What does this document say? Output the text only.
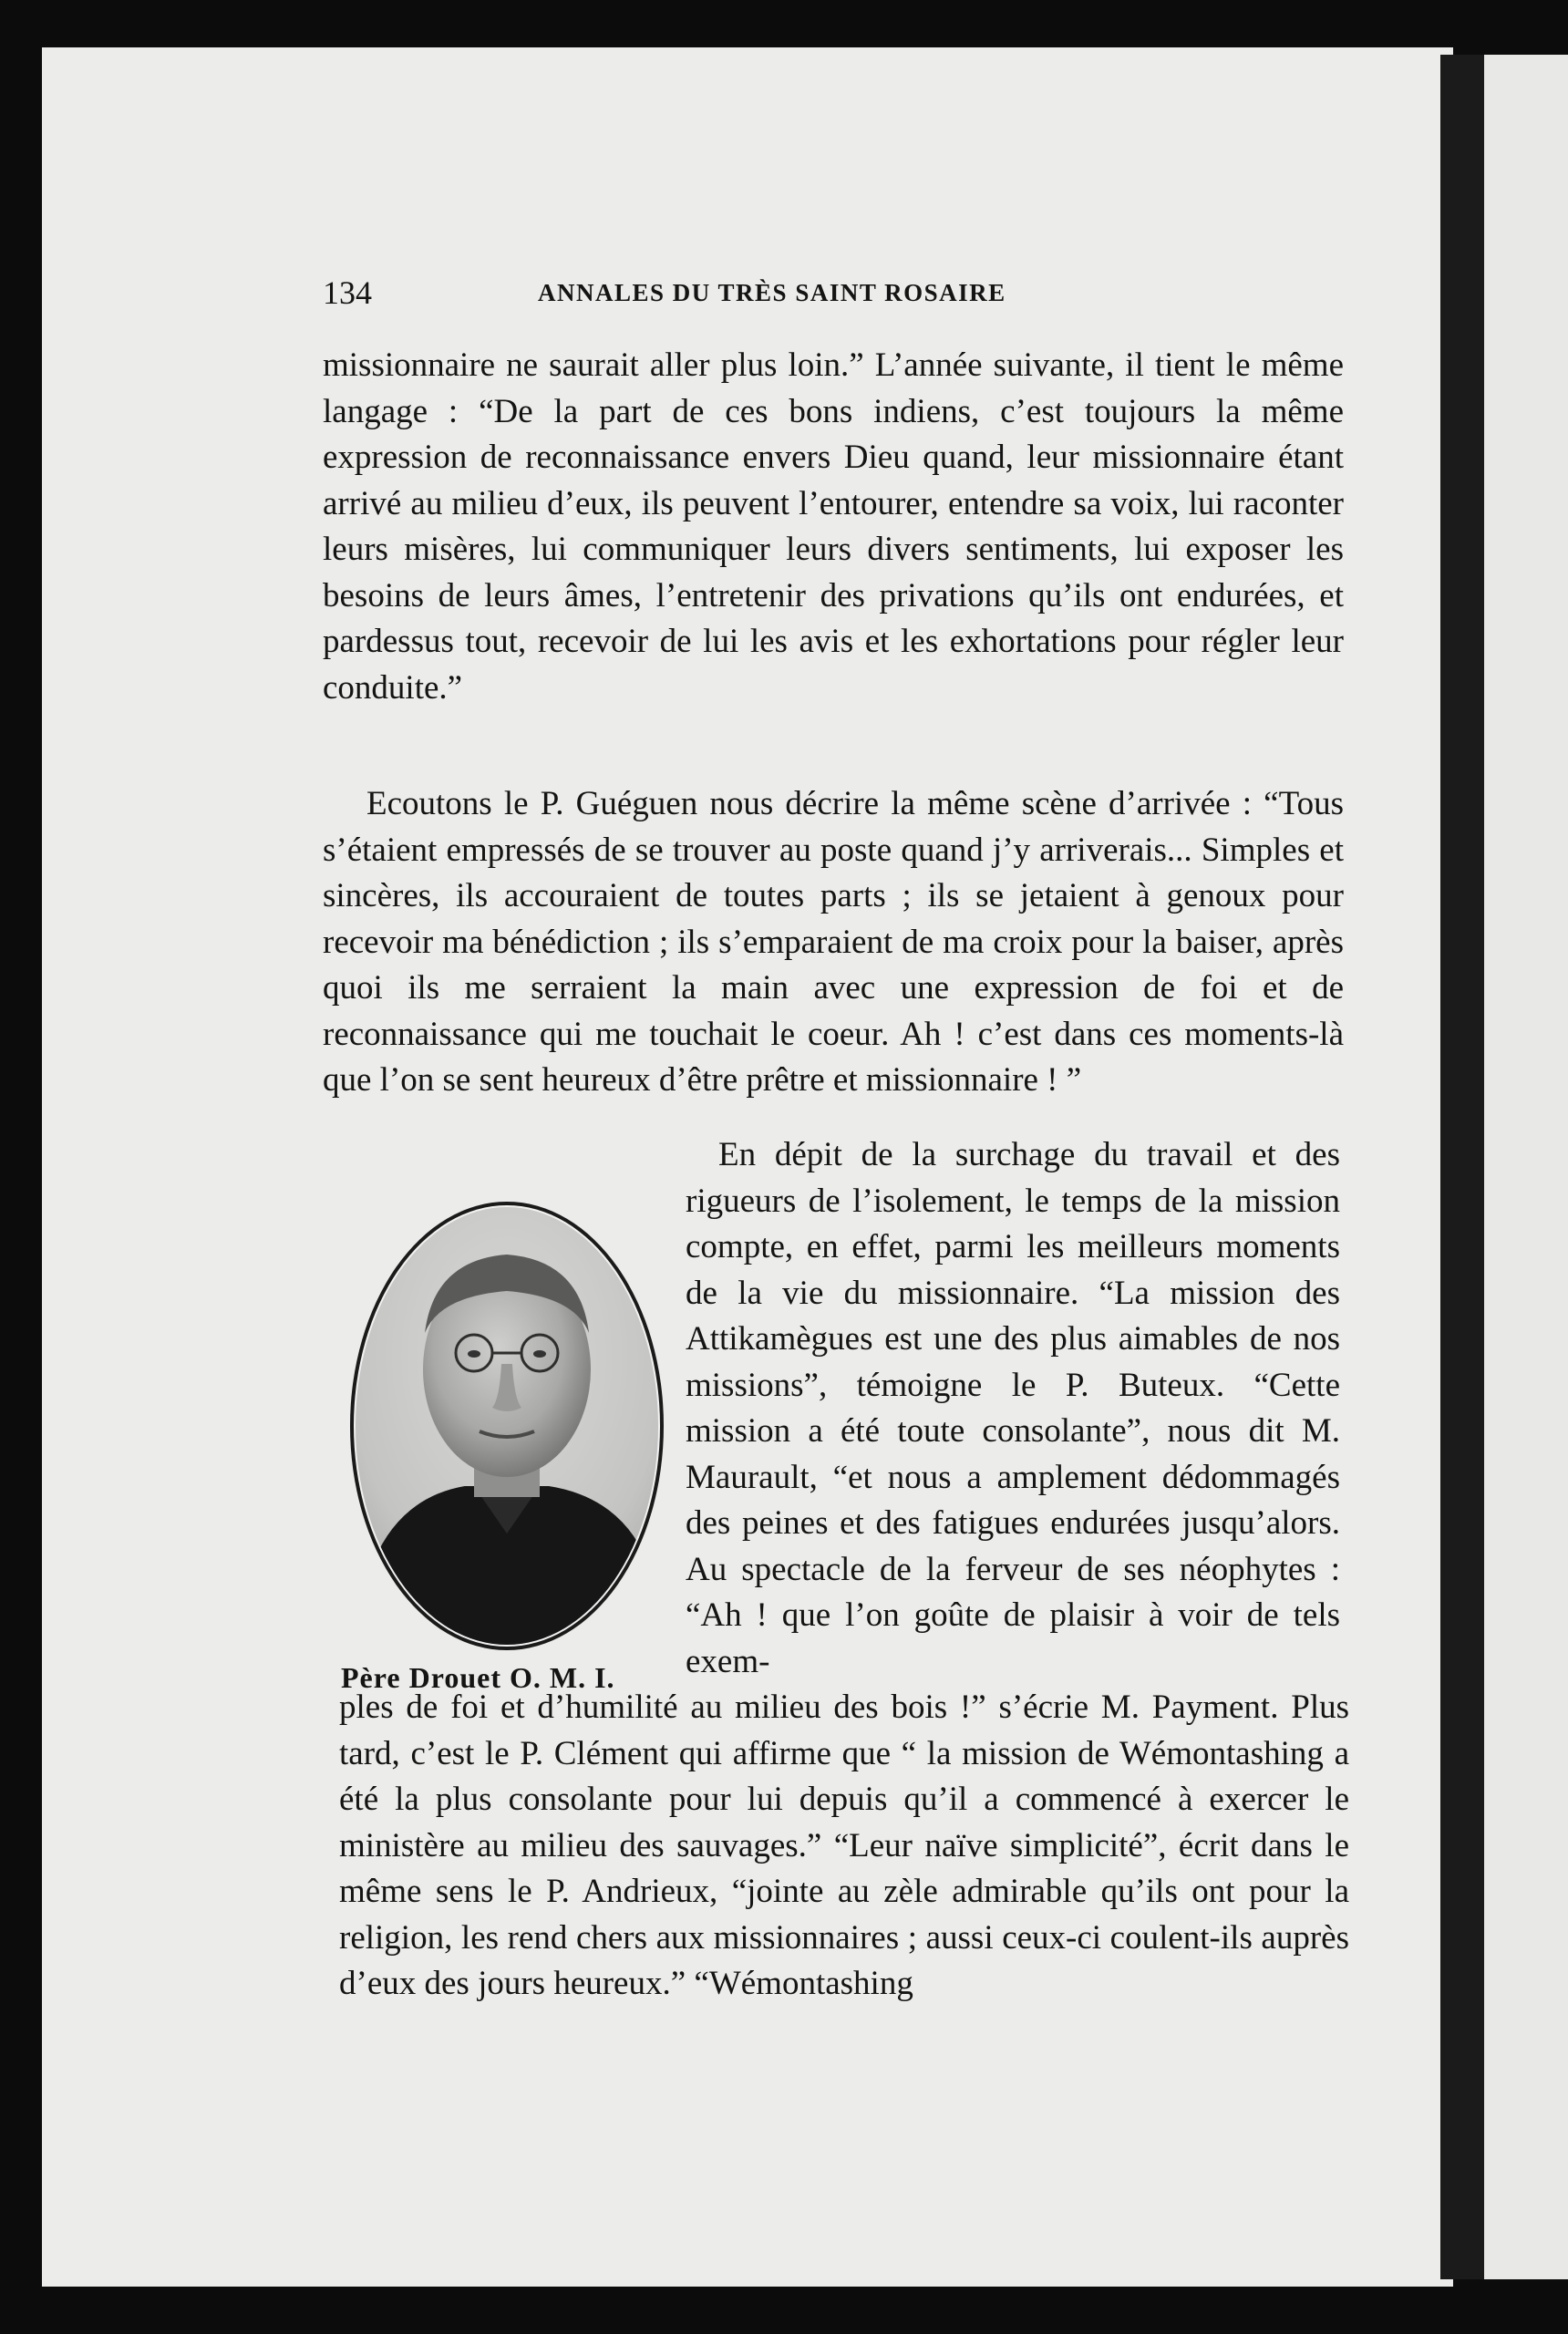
134	ANNALES DU TRÈS SAINT ROSAIRE

missionnaire ne saurait aller plus loin.” L’année suivante, il tient le même langage : “De la part de ces bons indiens, c’est toujours la même expression de reconnaissance envers Dieu quand, leur missionnaire étant arrivé au milieu d’eux, ils peuvent l’entourer, entendre sa voix, lui raconter leurs misères, lui communiquer leurs divers sentiments, lui exposer les besoins de leurs âmes, l’entretenir des privations qu’ils ont endurées, et pardessus tout, recevoir de lui les avis et les exhortations pour régler leur conduite.”

Ecoutons le P. Guéguen nous décrire la même scène d’arrivée : “Tous s’étaient empressés de se trouver au poste quand j’y arriverais... Simples et sincères, ils accouraient de toutes parts ; ils se jetaient à genoux pour recevoir ma bénédiction ; ils s’emparaient de ma croix pour la baiser, après quoi ils me serraient la main avec une expression de foi et de reconnaissance qui me touchait le coeur. Ah ! c’est dans ces moments-là que l’on se sent heureux d’être prêtre et missionnaire ! ”

En dépit de la surchage du travail et des rigueurs de l’isolement, le temps de la mission compte, en effet, parmi les meilleurs moments de la vie du missionnaire. “La mission des Attikamègues est une des plus aimables de nos missions”, témoigne le P. Buteux. “Cette mission a été toute consolante”, nous dit M. Maurault, “et nous a amplement dédommagés des peines et des fatigues endurées jusqu’alors. Au spectacle de la ferveur de ses néophytes : “Ah ! que l’on goûte de plaisir à voir de tels exem-

ples de foi et d’humilité au milieu des bois !” s’écrie M. Payment. Plus tard, c’est le P. Clément qui affirme que “ la mission de Wémontashing a été la plus consolante pour lui depuis qu’il a commencé à exercer le ministère au milieu des sauvages.” “Leur naïve simplicité”, écrit dans le même sens le P. Andrieux, “jointe au zèle admirable qu’ils ont pour la religion, les rend chers aux missionnaires ; aussi ceux-ci coulent-ils auprès d’eux des jours heureux.” “Wémontashing

Père Drouet O. M. I.
